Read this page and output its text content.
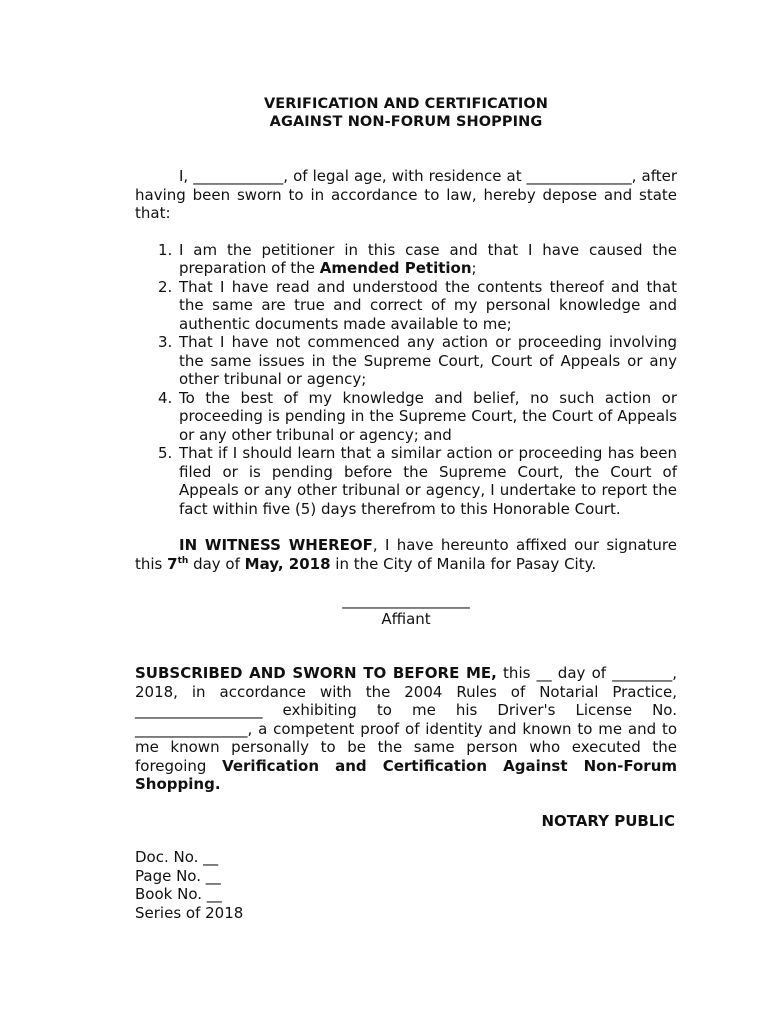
VERIFICATION AND CERTIFICATION
AGAINST NON-FORUM SHOPPING

I, ____________, of legal age, with residence at ______________, after having been sworn to in accordance to law, hereby depose and state that:

1. I am the petitioner in this case and that I have caused the preparation of the Amended Petition;
2. That I have read and understood the contents thereof and that the same are true and correct of my personal knowledge and authentic documents made available to me;
3. That I have not commenced any action or proceeding involving the same issues in the Supreme Court, Court of Appeals or any other tribunal or agency;
4. To the best of my knowledge and belief, no such action or proceeding is pending in the Supreme Court, the Court of Appeals or any other tribunal or agency; and
5. That if I should learn that a similar action or proceeding has been filed or is pending before the Supreme Court, the Court of Appeals or any other tribunal or agency, I undertake to report the fact within five (5) days therefrom to this Honorable Court.

IN WITNESS WHEREOF, I have hereunto affixed our signature this 7th day of May, 2018 in the City of Manila for Pasay City.

_________________
Affiant

SUBSCRIBED AND SWORN TO BEFORE ME, this __ day of ________, 2018, in accordance with the 2004 Rules of Notarial Practice, _________________ exhibiting to me his Driver's License No. _______________, a competent proof of identity and known to me and to me known personally to be the same person who executed the foregoing Verification and Certification Against Non-Forum Shopping.

NOTARY PUBLIC
Doc. No. __
Page No. __
Book No. __
Series of 2018
